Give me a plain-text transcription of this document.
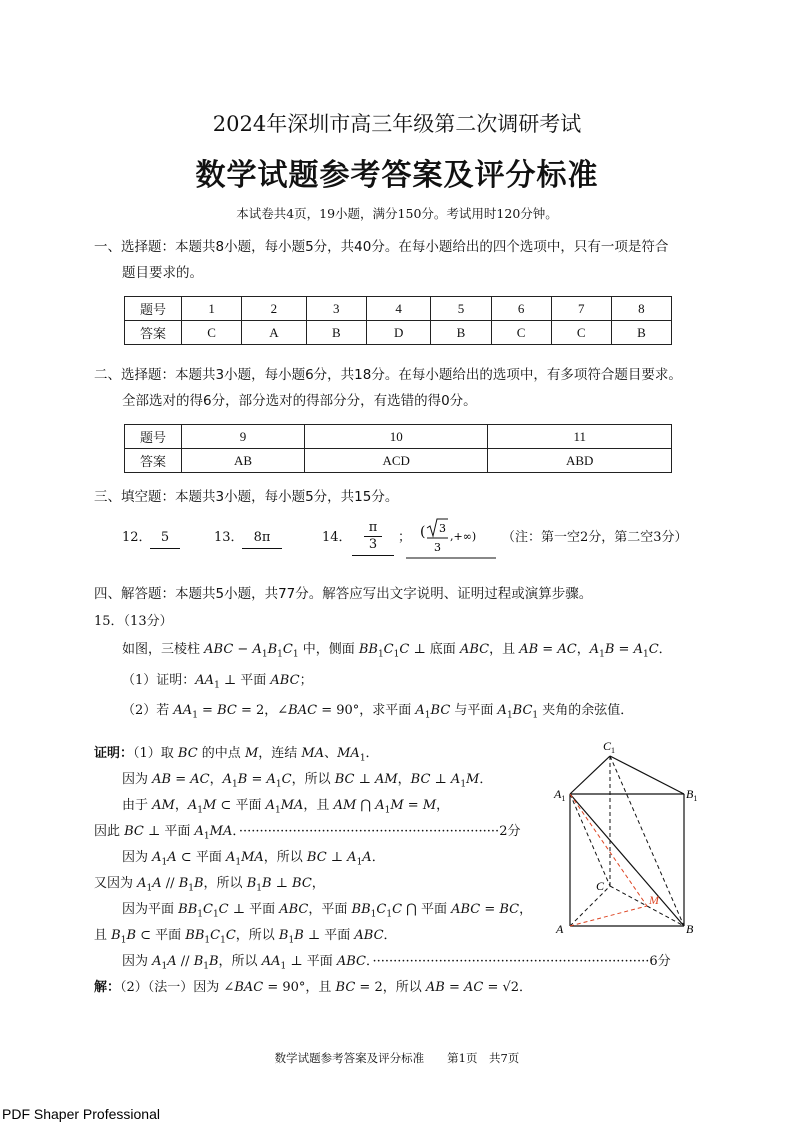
2024年深圳市高三年级第二次调研考试
数学试题参考答案及评分标准
本试卷共4页，19小题，满分150分。考试用时120分钟。
一、选择题：本题共8小题，每小题5分，共40分。在每小题给出的四个选项中，只有一项是符合
题目要求的。
题号	1	2	3	4	5	6	7	8
答案	C	A	B	D	B	C	C	B
二、选择题：本题共3小题，每小题6分，共18分。在每小题给出的选项中，有多项符合题目要求。
全部选对的得6分，部分选对的得部分分，有选错的得0分。
题号	9	10	11
答案	AB	ACD	ABD
三、填空题：本题共3小题，每小题5分，共15分。
12． 5	13． 8π	14．
π
3	； ( 3
3
,+∞) （注：第一空2分，第二空3分）
四、解答题：本题共5小题，共77分。解答应写出文字说明、证明过程或演算步骤。
15．（13分）
如图，三棱柱 ABC − $A_1B_1C_1$ 中，侧面 $BB_1C_1C$ ⊥ 底面 ABC，且 AB = AC，$A_1B = A_1C$．
（1）证明：$AA_1$ ⊥ 平面 ABC；
（2）若 $AA_1$ = BC = 2，∠BAC = 90°，求平面 $A_1BC$ 与平面 $A_1BC_1$ 夹角的余弦值．
证明：（1）取 BC 的中点 M，连结 MA、$MA_1$．
因为 AB = AC，$A_1B = A_1C$，所以 BC ⊥ AM，BC ⊥ $A_1M$．
由于 AM，$A_1M$ ⊂ 平面 $A_1MA$，且 AM ⋂ $A_1M = M$，
因此 BC ⊥ 平面 $A_1MA$．·······························································2分
因为 $A_1A$ ⊂ 平面 $A_1MA$，所以 BC ⊥ $A_1A$．
又因为 $A_1A // B_1B$，所以 $B_1B$ ⊥ BC，
因为平面 $BB_1C_1C$ ⊥ 平面 ABC，平面 $BB_1C_1C$ ⋂ 平面 ABC = BC，
且 $B_1B$ ⊂ 平面 $BB_1C_1C$，所以 $B_1B$ ⊥ 平面 ABC．
因为 $A_1A // B_1B$，所以 $AA_1$ ⊥ 平面 ABC．···································································6分
解：（2）（法一）因为 ∠BAC = 90°，且 BC = 2，所以 AB = AC = √2．
$C_1$
$A_1$	$B_1$
C
A	B
M
数学试题参考答案及评分标准　　第1页　共7页
PDF Shaper Professional
